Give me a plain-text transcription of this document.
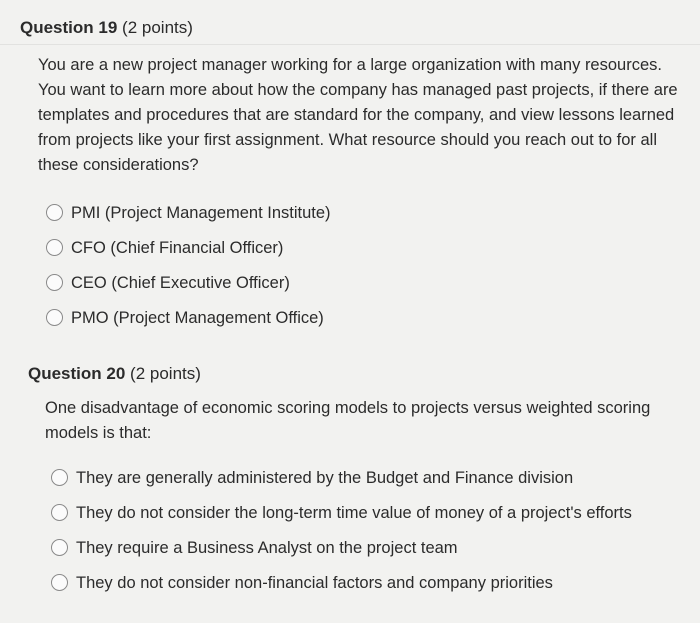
Question 19 (2 points)
You are a new project manager working for a large organization with many resources. You want to learn more about how the company has managed past projects, if there are templates and procedures that are standard for the company, and view lessons learned from projects like your first assignment. What resource should you reach out to for all these considerations?
PMI (Project Management Institute)
CFO (Chief Financial Officer)
CEO (Chief Executive Officer)
PMO (Project Management Office)
Question 20 (2 points)
One disadvantage of economic scoring models to projects versus weighted scoring models is that:
They are generally administered by the Budget and Finance division
They do not consider the long-term time value of money of a project's efforts
They require a Business Analyst on the project team
They do not consider non-financial factors and company priorities
